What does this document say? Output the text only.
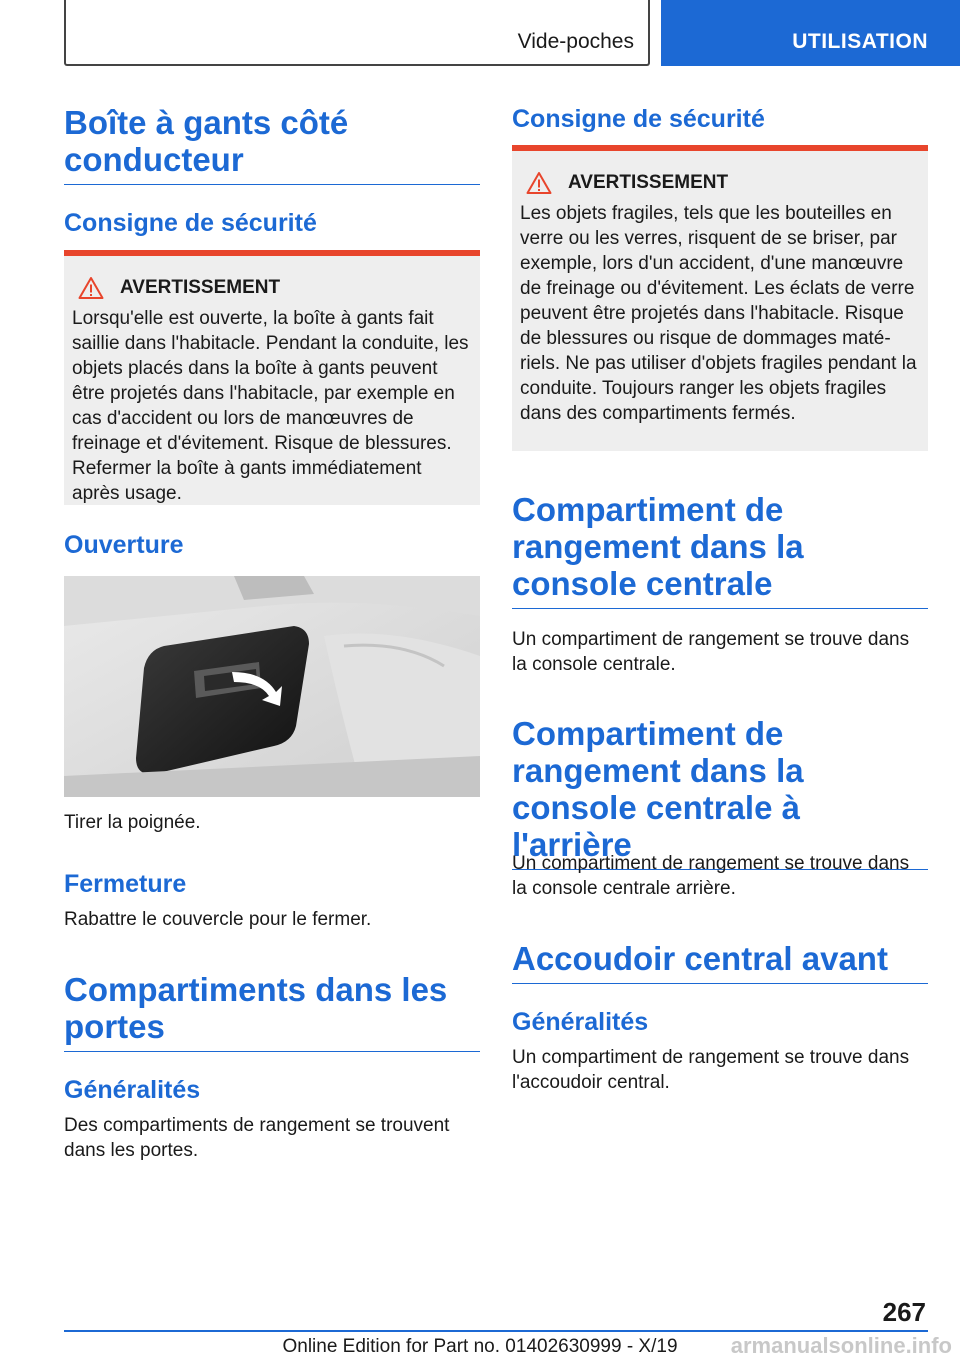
Vide-poches	UTILISATION
Boîte à gants côté conducteur
Consigne de sécurité
AVERTISSEMENT
Lorsqu'elle est ouverte, la boîte à gants fait saillie dans l'habitacle. Pendant la conduite, les objets placés dans la boîte à gants peuvent être projetés dans l'habitacle, par exemple en cas d'accident ou lors de manœuvres de freinage et d'évitement. Risque de blessures. Refermer la boîte à gants immédiatement après usage.
Ouverture
Tirer la poignée.
Fermeture
Rabattre le couvercle pour le fermer.
Compartiments dans les portes
Généralités
Des compartiments de rangement se trouvent dans les portes.
Consigne de sécurité
AVERTISSEMENT
Les objets fragiles, tels que les bouteilles en verre ou les verres, risquent de se briser, par exemple, lors d'un accident, d'une manœuvre de freinage ou d'évitement. Les éclats de verre peuvent être projetés dans l'habitacle. Risque de blessures ou risque de dommages matériels. Ne pas utiliser d'objets fragiles pendant la conduite. Toujours ranger les objets fragiles dans des compartiments fermés.
Compartiment de rangement dans la console centrale
Un compartiment de rangement se trouve dans la console centrale.
Compartiment de rangement dans la console centrale à l'arrière
Un compartiment de rangement se trouve dans la console centrale arrière.
Accoudoir central avant
Généralités
Un compartiment de rangement se trouve dans l'accoudoir central.
267
Online Edition for Part no. 01402630999 - X/19	armanualsonline.info
